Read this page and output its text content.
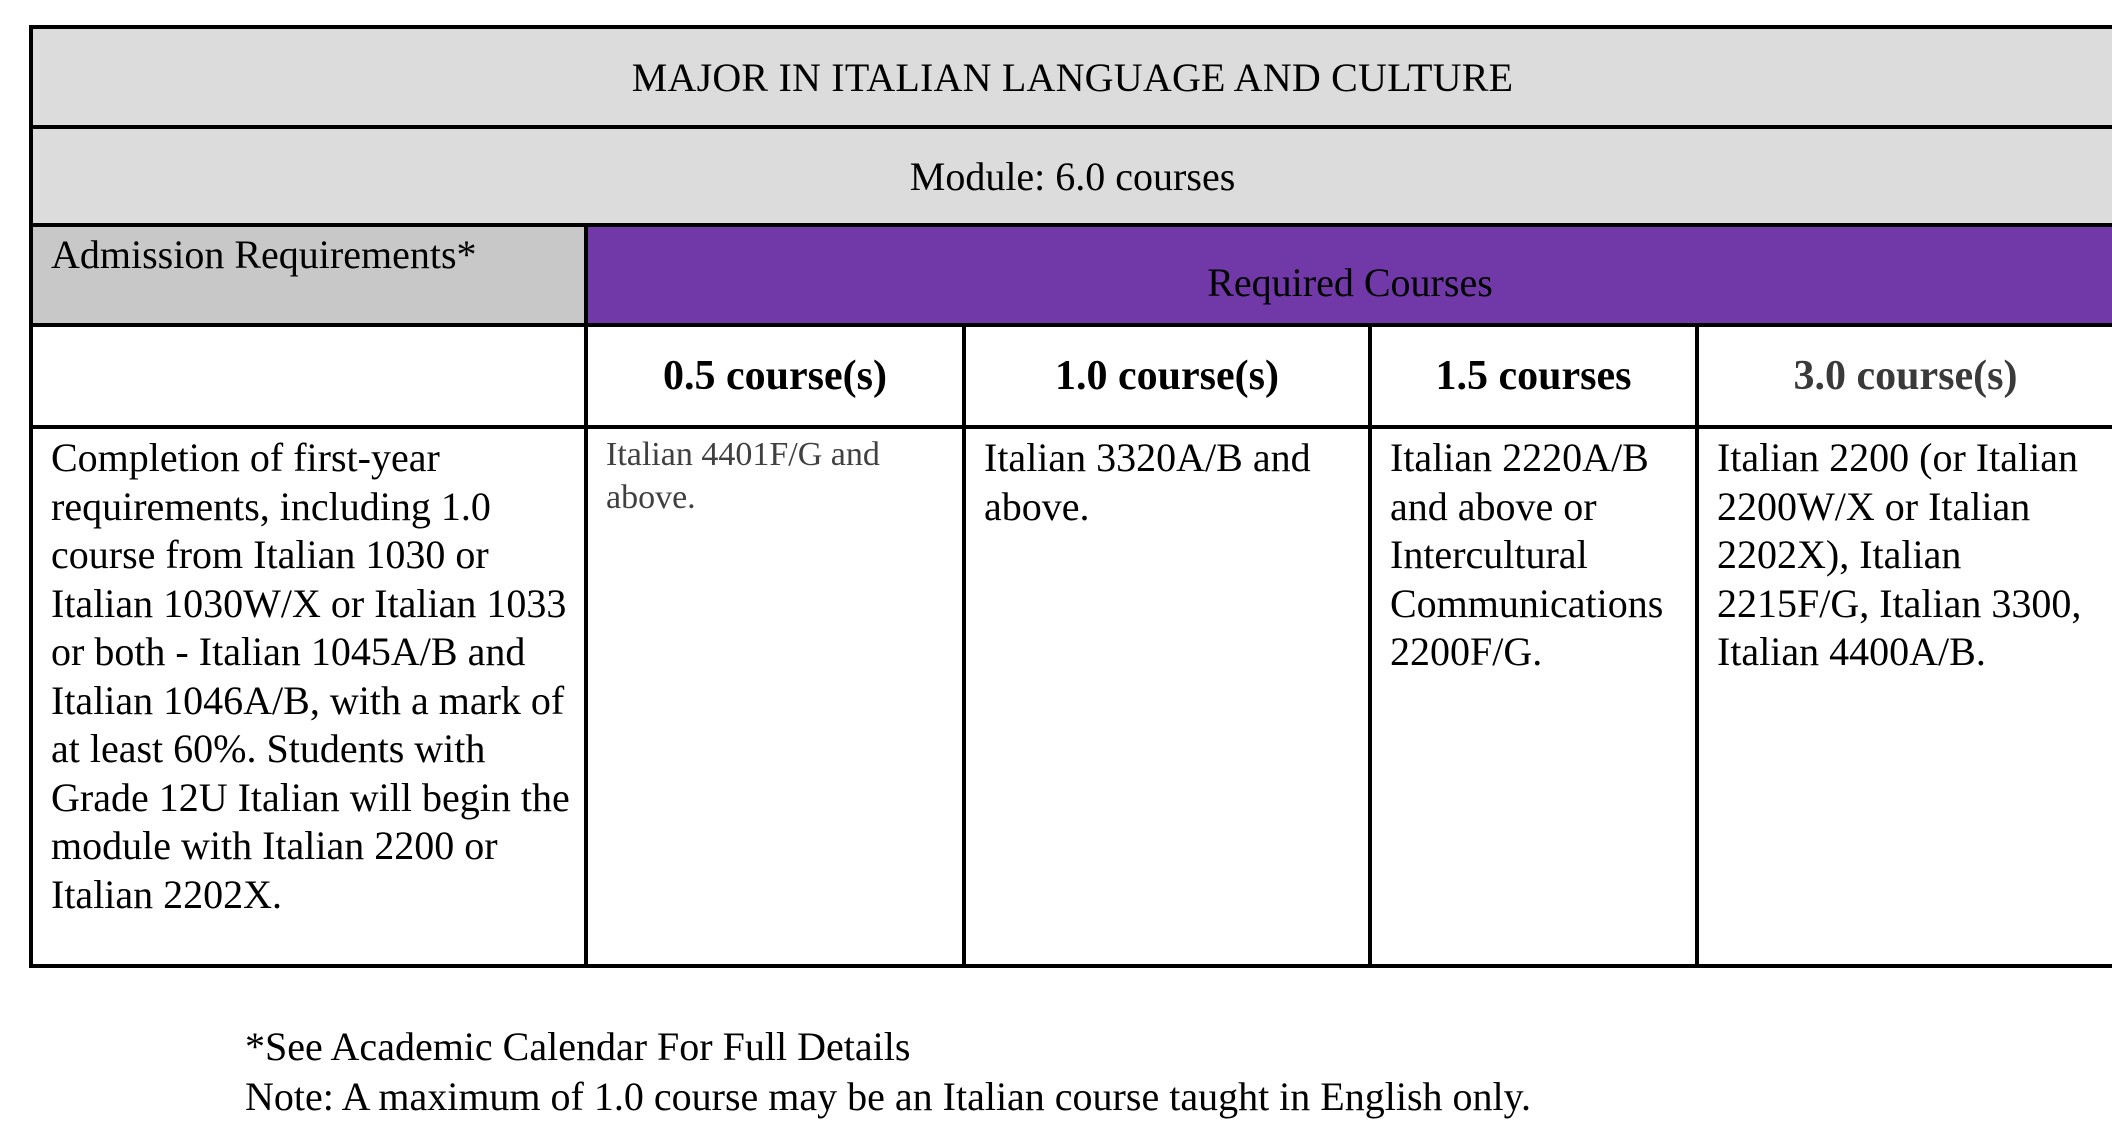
MAJOR IN ITALIAN LANGUAGE AND CULTURE				
Module: 6.0 courses				
Admission Requirements*	Required Courses			
	0.5 course(s)	1.0 course(s)	1.5 courses	3.0 course(s)
Completion of first-year requirements, including 1.0 course from Italian 1030 or Italian 1030W/X or Italian 1033 or both - Italian 1045A/B and Italian 1046A/B, with a mark of at least 60%. Students with Grade 12U Italian will begin the module with Italian 2200 or Italian 2202X.	Italian 4401F/G and above.	Italian 3320A/B and above.	Italian 2220A/B and above or Intercultural Communications 2200F/G.	Italian 2200 (or Italian 2200W/X or Italian 2202X), Italian 2215F/G, Italian 3300, Italian 4400A/B.
*See Academic Calendar For Full Details
Note: A maximum of 1.0 course may be an Italian course taught in English only.
